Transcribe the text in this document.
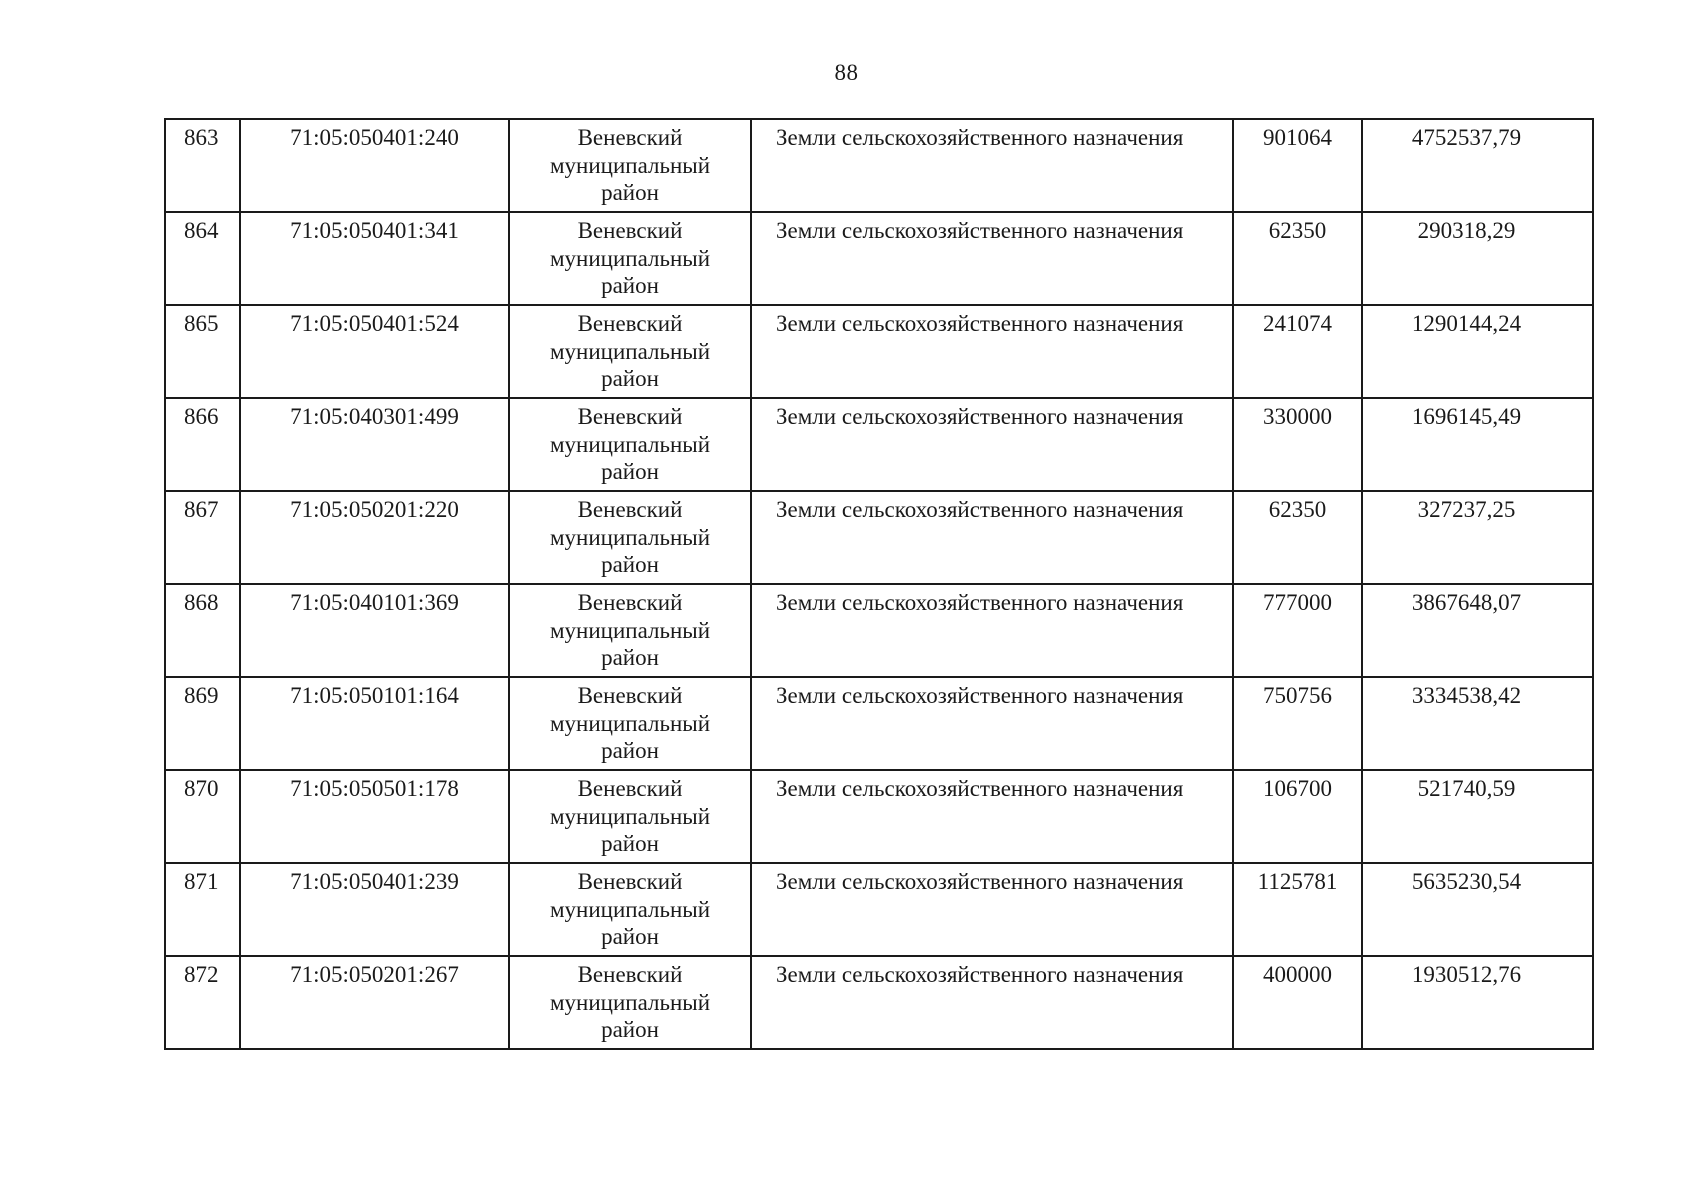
88
863	71:05:050401:240	Веневский
муниципальный
район	Земли сельскохозяйственного назначения	901064	4752537,79
864	71:05:050401:341	Веневский
муниципальный
район	Земли сельскохозяйственного назначения	62350	290318,29
865	71:05:050401:524	Веневский
муниципальный
район	Земли сельскохозяйственного назначения	241074	1290144,24
866	71:05:040301:499	Веневский
муниципальный
район	Земли сельскохозяйственного назначения	330000	1696145,49
867	71:05:050201:220	Веневский
муниципальный
район	Земли сельскохозяйственного назначения	62350	327237,25
868	71:05:040101:369	Веневский
муниципальный
район	Земли сельскохозяйственного назначения	777000	3867648,07
869	71:05:050101:164	Веневский
муниципальный
район	Земли сельскохозяйственного назначения	750756	3334538,42
870	71:05:050501:178	Веневский
муниципальный
район	Земли сельскохозяйственного назначения	106700	521740,59
871	71:05:050401:239	Веневский
муниципальный
район	Земли сельскохозяйственного назначения	1125781	5635230,54
872	71:05:050201:267	Веневский
муниципальный
район	Земли сельскохозяйственного назначения	400000	1930512,76
